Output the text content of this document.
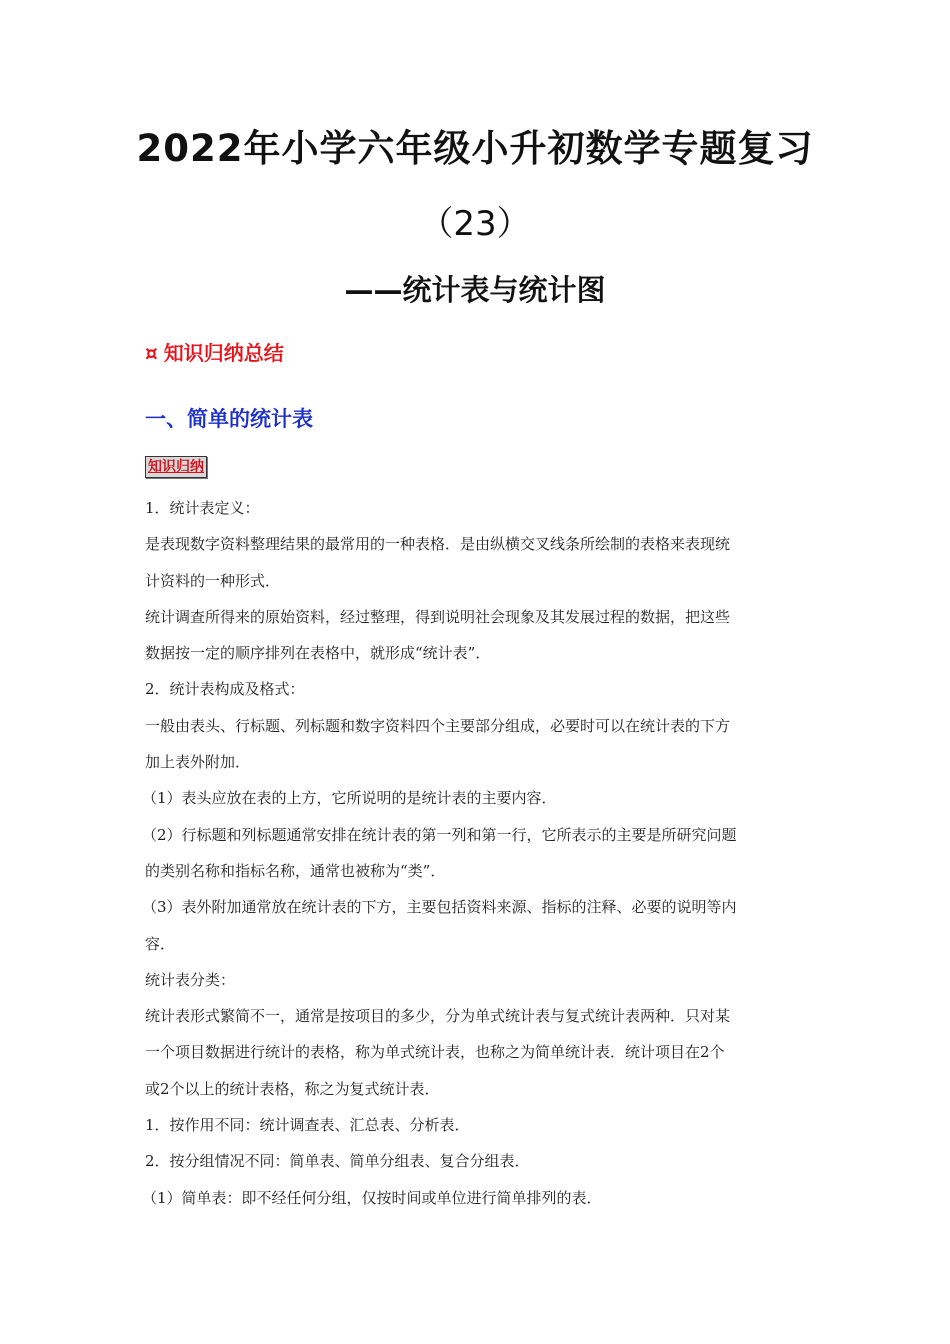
2022年小学六年级小升初数学专题复习
（23）
——统计表与统计图
¤ 知识归纳总结
一、简单的统计表
知识归纳

1．统计表定义：

是表现数字资料整理结果的最常用的一种表格．是由纵横交叉线条所绘制的表格来表现统

计资料的一种形式．

统计调查所得来的原始资料，经过整理，得到说明社会现象及其发展过程的数据，把这些

数据按一定的顺序排列在表格中，就形成“统计表”．

2．统计表构成及格式：

一般由表头、行标题、列标题和数字资料四个主要部分组成，必要时可以在统计表的下方

加上表外附加．

（1）表头应放在表的上方，它所说明的是统计表的主要内容．

（2）行标题和列标题通常安排在统计表的第一列和第一行，它所表示的主要是所研究问题

的类别名称和指标名称，通常也被称为“类”．

（3）表外附加通常放在统计表的下方，主要包括资料来源、指标的注释、必要的说明等内

容．

统计表分类：

统计表形式繁简不一，通常是按项目的多少，分为单式统计表与复式统计表两种．只对某

一个项目数据进行统计的表格，称为单式统计表，也称之为简单统计表．统计项目在2个

或2个以上的统计表格，称之为复式统计表．

1．按作用不同：统计调查表、汇总表、分析表．

2．按分组情况不同：简单表、简单分组表、复合分组表．

（1）简单表：即不经任何分组，仅按时间或单位进行简单排列的表．
